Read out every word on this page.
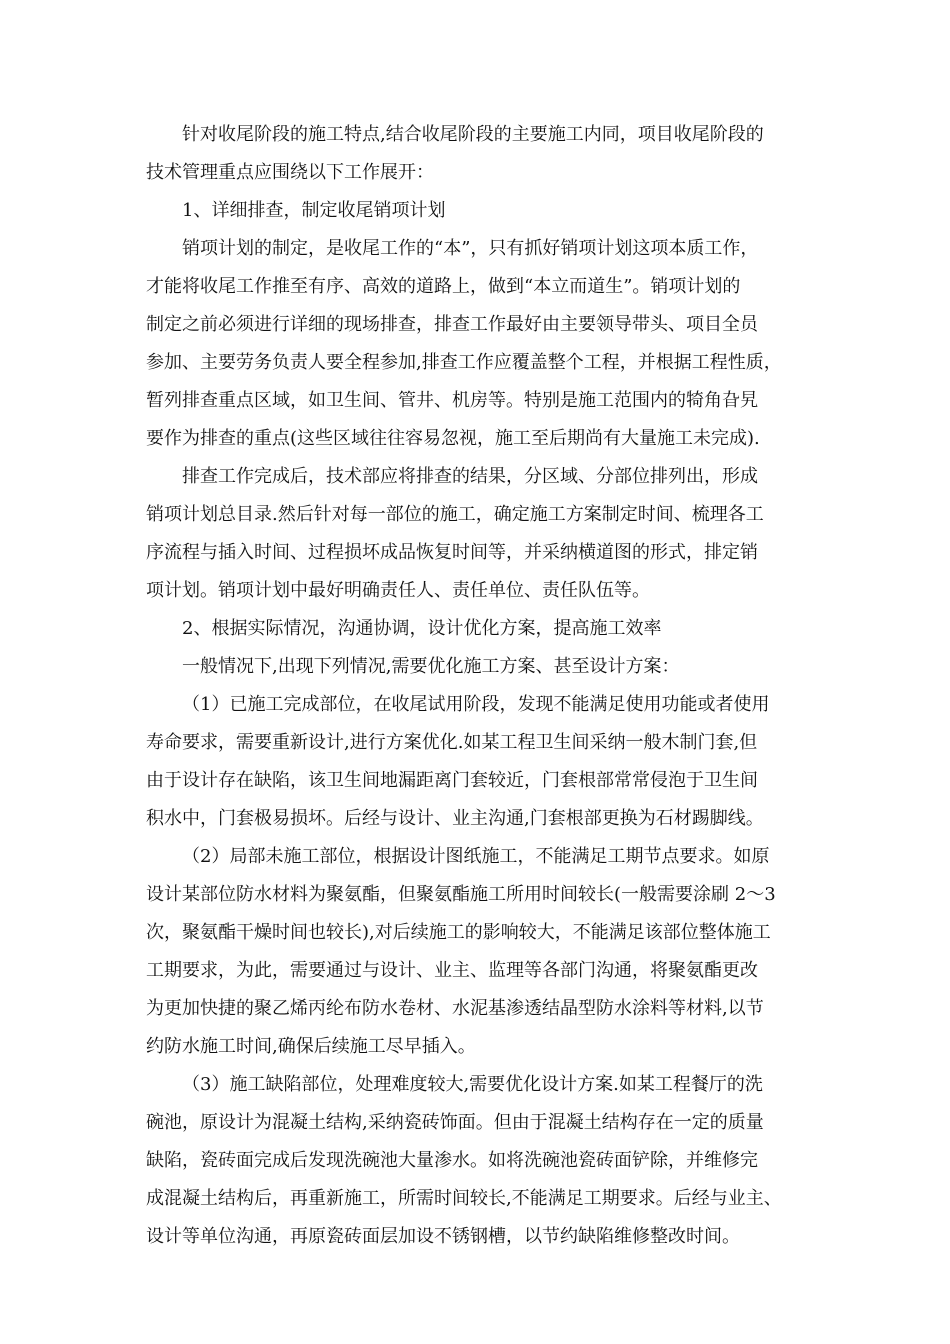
针对收尾阶段的施工特点,结合收尾阶段的主要施工内同，项目收尾阶段的
技术管理重点应围绕以下工作展开：
1、详细排查，制定收尾销项计划
销项计划的制定，是收尾工作的“本”，只有抓好销项计划这项本质工作，
才能将收尾工作推至有序、高效的道路上，做到“本立而道生”。销项计划的
制定之前必须进行详细的现场排查，排查工作最好由主要领导带头、项目全员
参加、主要劳务负责人要全程参加,排查工作应覆盖整个工程，并根据工程性质，
暂列排查重点区域，如卫生间、管井、机房等。特别是施工范围内的犄角旮旯
要作为排查的重点(这些区域往往容易忽视，施工至后期尚有大量施工未完成).
排查工作完成后，技术部应将排查的结果，分区域、分部位排列出，形成
销项计划总目录.然后针对每一部位的施工，确定施工方案制定时间、梳理各工
序流程与插入时间、过程损坏成品恢复时间等，并采纳横道图的形式，排定销
项计划。销项计划中最好明确责任人、责任单位、责任队伍等。
2、根据实际情况，沟通协调，设计优化方案，提高施工效率
一般情况下,出现下列情况,需要优化施工方案、甚至设计方案：
（1）已施工完成部位，在收尾试用阶段，发现不能满足使用功能或者使用
寿命要求，需要重新设计,进行方案优化.如某工程卫生间采纳一般木制门套,但
由于设计存在缺陷，该卫生间地漏距离门套较近，门套根部常常侵泡于卫生间
积水中，门套极易损坏。后经与设计、业主沟通,门套根部更换为石材踢脚线。
（2）局部未施工部位，根据设计图纸施工，不能满足工期节点要求。如原
设计某部位防水材料为聚氨酯，但聚氨酯施工所用时间较长(一般需要涂刷 2～3
次，聚氨酯干燥时间也较长),对后续施工的影响较大，不能满足该部位整体施工
工期要求，为此，需要通过与设计、业主、监理等各部门沟通，将聚氨酯更改
为更加快捷的聚乙烯丙纶布防水卷材、水泥基渗透结晶型防水涂料等材料,以节
约防水施工时间,确保后续施工尽早插入。
（3）施工缺陷部位，处理难度较大,需要优化设计方案.如某工程餐厅的洗
碗池，原设计为混凝土结构,采纳瓷砖饰面。但由于混凝土结构存在一定的质量
缺陷，瓷砖面完成后发现洗碗池大量渗水。如将洗碗池瓷砖面铲除，并维修完
成混凝土结构后，再重新施工，所需时间较长,不能满足工期要求。后经与业主、
设计等单位沟通，再原瓷砖面层加设不锈钢槽，以节约缺陷维修整改时间。
